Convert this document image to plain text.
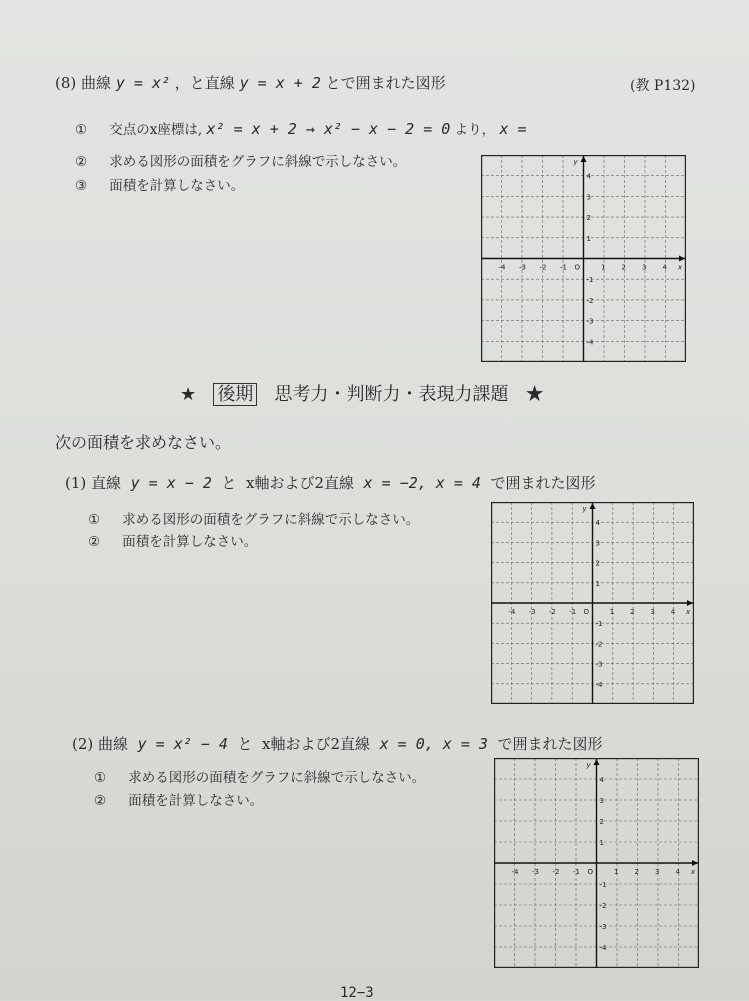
(8) 曲線 y = x² ，と直線 y = x + 2 とで囲まれた図形	(教 P132)
① 交点のx座標は, x² = x + 2 → x² − x − 2 = 0 より， x =
② 求める図形の面積をグラフに斜線で示しなさい。
③ 面積を計算しなさい。
-4 -3 -2 -1	1 2 3 4
4
3
2
1
-1
-2
-3
-4
O	x
y
★ 後期 思考力・判断力・表現力課題 ★
次の面積を求めなさい。
(1) 直線 y = x − 2 と x軸および2直線 x = −2, x = 4 で囲まれた図形
① 求める図形の面積をグラフに斜線で示しなさい。
② 面積を計算しなさい。
-4 -3 -2 -1	1 2 3 4
4
3
2
1
-1
-2
-3
-4
O	x
y
(2) 曲線 y = x² − 4 と x軸および2直線 x = 0, x = 3 で囲まれた図形
① 求める図形の面積をグラフに斜線で示しなさい。
② 面積を計算しなさい。
-4 -3 -2 -1	1 2 3 4
4
3
2
1
-1
-2
-3
-4
O	x
y
12−3
